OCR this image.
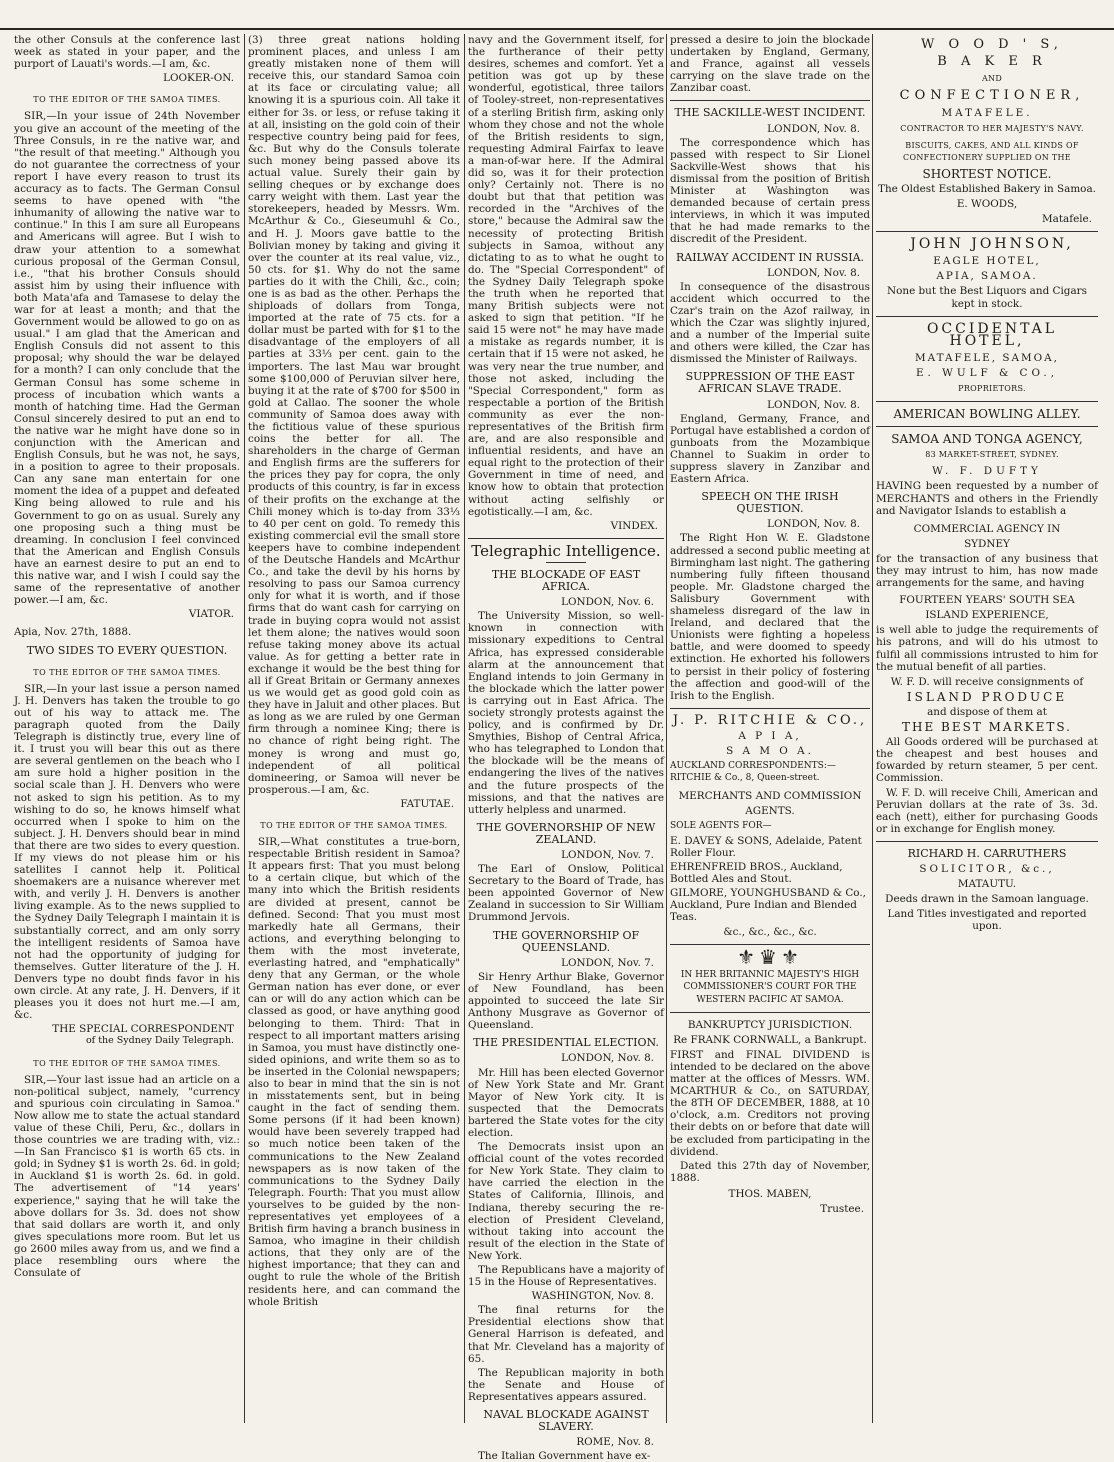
the other Consuls at the conference last week as stated in your paper, and the purport of Lauati's words.—I am, &c.

LOOKER-ON.

TO THE EDITOR OF THE SAMOA TIMES.

SIR,—In your issue of 24th November you give an account of the meeting of the Three Consuls, in re the native war, and "the result of that meeting." Although you do not guarantee the correctness of your report I have every reason to trust its accuracy as to facts. The German Consul seems to have opened with "the inhumanity of allowing the native war to continue." In this I am sure all Europeans and Americans will agree. But I wish to draw your attention to a somewhat curious proposal of the German Consul, i.e., "that his brother Consuls should assist him by using their influence with both Mata'afa and Tamasese to delay the war for at least a month; and that the Government would be allowed to go on as usual." I am glad that the American and English Consuls did not assent to this proposal; why should the war be delayed for a month? I can only conclude that the German Consul has some scheme in process of incubation which wants a month of hatching time. Had the German Consul sincerely desired to put an end to the native war he might have done so in conjunction with the American and English Consuls, but he was not, he says, in a position to agree to their proposals. Can any sane man entertain for one moment the idea of a puppet and defeated King being allowed to rule and his Government to go on as usual. Surely any one proposing such a thing must be dreaming. In conclusion I feel convinced that the American and English Consuls have an earnest desire to put an end to this native war, and I wish I could say the same of the representative of another power.—I am, &c.

VIATOR.

Apia, Nov. 27th, 1888.

TWO SIDES TO EVERY QUESTION.

TO THE EDITOR OF THE SAMOA TIMES.

SIR,—In your last issue a person named J. H. Denvers has taken the trouble to go out of his way to attack me. The paragraph quoted from the Daily Telegraph is distinctly true, every line of it. I trust you will bear this out as there are several gentlemen on the beach who I am sure hold a higher position in the social scale than J. H. Denvers who were not asked to sign his petition. As to my wishing to do so, he knows himself what occurred when I spoke to him on the subject. J. H. Denvers should bear in mind that there are two sides to every question. If my views do not please him or his satellites I cannot help it. Political shoemakers are a nuisance wherever met with, and verily J. H. Denvers is another living example. As to the news supplied to the Sydney Daily Telegraph I maintain it is substantially correct, and am only sorry the intelligent residents of Samoa have not had the opportunity of judging for themselves. Gutter literature of the J. H. Denvers type no doubt finds favor in his own circle. At any rate, J. H. Denvers, if it pleases you it does not hurt me.—I am, &c.

THE SPECIAL CORRESPONDENT

of the Sydney Daily Telegraph.

TO THE EDITOR OF THE SAMOA TIMES.

SIR,—Your last issue had an article on a non-political subject, namely, "currency and spurious coin circulating in Samoa." Now allow me to state the actual standard value of these Chili, Peru, &c., dollars in those countries we are trading with, viz.:—In San Francisco $1 is worth 65 cts. in gold; in Sydney $1 is worth 2s. 6d. in gold; in Auckland $1 is worth 2s. 6d. in gold. The advertisement of "14 years' experience," saying that he will take the above dollars for 3s. 3d. does not show that said dollars are worth it, and only gives speculations more room. But let us go 2600 miles away from us, and we find a place resembling ours where the Consulate of

(3) three great nations holding prominent places, and unless I am greatly mistaken none of them will receive this, our standard Samoa coin at its face or circulating value; all knowing it is a spurious coin. All take it either for 3s. or less, or refuse taking it at all, insisting on the gold coin of their respective country being paid for fees, &c. But why do the Consuls tolerate such money being passed above its actual value. Surely their gain by selling cheques or by exchange does carry weight with them. Last year the storekeepers, headed by Messrs. Wm. McArthur & Co., Gieseumuhl & Co., and H. J. Moors gave battle to the Bolivian money by taking and giving it over the counter at its real value, viz., 50 cts. for $1. Why do not the same parties do it with the Chili, &c., coin; one is as bad as the other. Perhaps the shiploads of dollars from Tonga, imported at the rate of 75 cts. for a dollar must be parted with for $1 to the disadvantage of the employers of all parties at 33⅓ per cent. gain to the importers. The last Mau war brought some $100,000 of Peruvian silver here, buying it at the rate of $700 for $500 in gold at Callao. The sooner the whole community of Samoa does away with the fictitious value of these spurious coins the better for all. The shareholders in the charge of German and English firms are the sufferers for the prices they pay for copra, the only products of this country, is far in excess of their profits on the exchange at the Chili money which is to-day from 33⅓ to 40 per cent on gold. To remedy this existing commercial evil the small store keepers have to combine independent of the Deutsche Handels and McArthur Co., and take the devil by his horns by resolving to pass our Samoa currency only for what it is worth, and if those firms that do want cash for carrying on trade in buying copra would not assist let them alone; the natives would soon refuse taking money above its actual value. As for getting a better rate in exchange it would be the best thing for all if Great Britain or Germany annexes us we would get as good gold coin as they have in Jaluit and other places. But as long as we are ruled by one German firm through a nominee King; there is no chance of right being right. The money is wrong and must go, independent of all political domineering, or Samoa will never be prosperous.—I am, &c.

FATUTAE.

TO THE EDITOR OF THE SAMOA TIMES.

SIR,—What constitutes a true-born, respectable British resident in Samoa? It appears first: That you must belong to a certain clique, but which of the many into which the British residents are divided at present, cannot be defined. Second: That you must most markedly hate all Germans, their actions, and everything belonging to them with the most inveterate, everlasting hatred, and "emphatically" deny that any German, or the whole German nation has ever done, or ever can or will do any action which can be classed as good, or have anything good belonging to them. Third: That in respect to all important matters arising in Samoa, you must have distinctly one-sided opinions, and write them so as to be inserted in the Colonial newspapers; also to bear in mind that the sin is not in misstatements sent, but in being caught in the fact of sending them. Some persons (if it had been known) would have been severely trapped had so much notice been taken of the communications to the New Zealand newspapers as is now taken of the communications to the Sydney Daily Telegraph. Fourth: That you must allow yourselves to be guided by the non-representatives yet employees of a British firm having a branch business in Samoa, who imagine in their childish actions, that they only are of the highest importance; that they can and ought to rule the whole of the British residents here, and can command the whole British

navy and the Government itself, for the furtherance of their petty desires, schemes and comfort. Yet a petition was got up by these wonderful, egotistical, three tailors of Tooley-street, non-representatives of a sterling British firm, asking only whom they chose and not the whole of the British residents to sign, requesting Admiral Fairfax to leave a man-of-war here. If the Admiral did so, was it for their protection only? Certainly not. There is no doubt but that that petition was recorded in the "Archives of the store," because the Admiral saw the necessity of protecting British subjects in Samoa, without any dictating to as to what he ought to do. The "Special Correspondent" of the Sydney Daily Telegraph spoke the truth when he reported that many British subjects were not asked to sign that petition. "If he said 15 were not" he may have made a mistake as regards number, it is certain that if 15 were not asked, he was very near the true number, and those not asked, including the "Special Correspondent," form as respectable a portion of the British community as ever the non-representatives of the British firm are, and are also responsible and influential residents, and have an equal right to the protection of their Government in time of need, and know how to obtain that protection without acting selfishly or egotistically.—I am, &c.

VINDEX.

Telegraphic Intelligence.

THE BLOCKADE OF EAST AFRICA.

LONDON, Nov. 6.

The University Mission, so well-known in connection with missionary expeditions to Central Africa, has expressed considerable alarm at the announcement that England intends to join Germany in the blockade which the latter power is carrying out in East Africa. The society strongly protests against the policy, and is confirmed by Dr. Smythies, Bishop of Central Africa, who has telegraphed to London that the blockade will be the means of endangering the lives of the natives and the future prospects of the missions, and that the natives are utterly helpless and unarmed.

THE GOVERNORSHIP OF NEW ZEALAND.

LONDON, Nov. 7.

The Earl of Onslow, Political Secretary to the Board of Trade, has been appointed Governor of New Zealand in succession to Sir William Drummond Jervois.

THE GOVERNORSHIP OF QUEENSLAND.

LONDON, Nov. 7.

Sir Henry Arthur Blake, Governor of New Foundland, has been appointed to succeed the late Sir Anthony Musgrave as Governor of Queensland.

THE PRESIDENTIAL ELECTION.

LONDON, Nov. 8.

Mr. Hill has been elected Governor of New York State and Mr. Grant Mayor of New York city. It is suspected that the Democrats bartered the State votes for the city election.

The Democrats insist upon an official count of the votes recorded for New York State. They claim to have carried the election in the States of California, Illinois, and Indiana, thereby securing the re-election of President Cleveland, without taking into account the result of the election in the State of New York.

The Republicans have a majority of 15 in the House of Representatives.

WASHINGTON, Nov. 8.

The final returns for the Presidential elections show that General Harrison is defeated, and that Mr. Cleveland has a majority of 65.

The Republican majority in both the Senate and House of Representatives appears assured.

NAVAL BLOCKADE AGAINST SLAVERY.

ROME, Nov. 8.

The Italian Government have ex-

pressed a desire to join the blockade undertaken by England, Germany, and France, against all vessels carrying on the slave trade on the Zanzibar coast.

THE SACKILLE-WEST INCIDENT.

LONDON, Nov. 8.

The correspondence which has passed with respect to Sir Lionel Sackville-West shows that his dismissal from the position of British Minister at Washington was demanded because of certain press interviews, in which it was imputed that he had made remarks to the discredit of the President.

RAILWAY ACCIDENT IN RUSSIA.

LONDON, Nov. 8.

In consequence of the disastrous accident which occurred to the Czar's train on the Azof railway, in which the Czar was slightly injured, and a number of the Imperial suite and others were killed, the Czar has dismissed the Minister of Railways.

SUPPRESSION OF THE EAST AFRICAN SLAVE TRADE.

LONDON, Nov. 8.

England, Germany, France, and Portugal have established a cordon of gunboats from the Mozambique Channel to Suakim in order to suppress slavery in Zanzibar and Eastern Africa.

SPEECH ON THE IRISH QUESTION.

LONDON, Nov. 8.

The Right Hon W. E. Gladstone addressed a second public meeting at Birmingham last night. The gathering numbering fully fifteen thousand people. Mr. Gladstone charged the Salisbury Government with shameless disregard of the law in Ireland, and declared that the Unionists were fighting a hopeless battle, and were doomed to speedy extinction. He exhorted his followers to persist in their policy of fostering the affection and good-will of the Irish to the English.

J. P. RITCHIE & CO.,

A P I A,

S A M O A.

AUCKLAND CORRESPONDENTS:—RITCHIE & Co., 8, Queen-street.

MERCHANTS AND COMMISSION

AGENTS.

SOLE AGENTS FOR—

E. DAVEY & SONS, Adelaide, Patent Roller Flour.

EHRENFREID BROS., Auckland, Bottled Ales and Stout.

GILMORE, YOUNGHUSBAND & Co., Auckland, Pure Indian and Blended Teas.

&c., &c., &c., &c.

⚜♛⚜

IN HER BRITANNIC MAJESTY'S HIGH COMMISSIONER'S COURT FOR THE WESTERN PACIFIC AT SAMOA.

BANKRUPTCY JURISDICTION.

Re FRANK CORNWALL, a Bankrupt.

FIRST and FINAL DIVIDEND is intended to be declared on the above matter at the offices of Messrs. WM. MCARTHUR & Co., on SATURDAY, the 8TH OF DECEMBER, 1888, at 10 o'clock, a.m. Creditors not proving their debts on or before that date will be excluded from participating in the dividend.

Dated this 27th day of November, 1888.

THOS. MABEN,

Trustee.

W O O D ' S,

B A K E R

AND

CONFECTIONER,

MATAFELE.

CONTRACTOR TO HER MAJESTY'S NAVY.

BISCUITS, CAKES, AND ALL KINDS OF CONFECTIONERY SUPPLIED ON THE

SHORTEST NOTICE.

The Oldest Established Bakery in Samoa.

E. WOODS,

Matafele.

JOHN JOHNSON,

EAGLE HOTEL,

APIA, SAMOA.

None but the Best Liquors and Cigars kept in stock.

OCCIDENTAL HOTEL,

MATAFELE, SAMOA,

E. WULF & CO.,

PROPRIETORS.

AMERICAN BOWLING ALLEY.

SAMOA AND TONGA AGENCY,

83 MARKET-STREET, SYDNEY.

W. F. DUFTY

HAVING been requested by a number of MERCHANTS and others in the Friendly and Navigator Islands to establish a

COMMERCIAL AGENCY IN

SYDNEY

for the transaction of any business that they may intrust to him, has now made arrangements for the same, and having

FOURTEEN YEARS' SOUTH SEA

ISLAND EXPERIENCE,

is well able to judge the requirements of his patrons, and will do his utmost to fulfil all commissions intrusted to him for the mutual benefit of all parties.

W. F. D. will receive consignments of

ISLAND PRODUCE

and dispose of them at

THE BEST MARKETS.

All Goods ordered will be purchased at the cheapest and best houses and fowarded by return steamer, 5 per cent. Commission.

W. F. D. will receive Chili, American and Peruvian dollars at the rate of 3s. 3d. each (nett), either for purchasing Goods or in exchange for English money.

RICHARD H. CARRUTHERS

SOLICITOR, &c.,

MATAUTU.

Deeds drawn in the Samoan language.

Land Titles investigated and reported upon.
